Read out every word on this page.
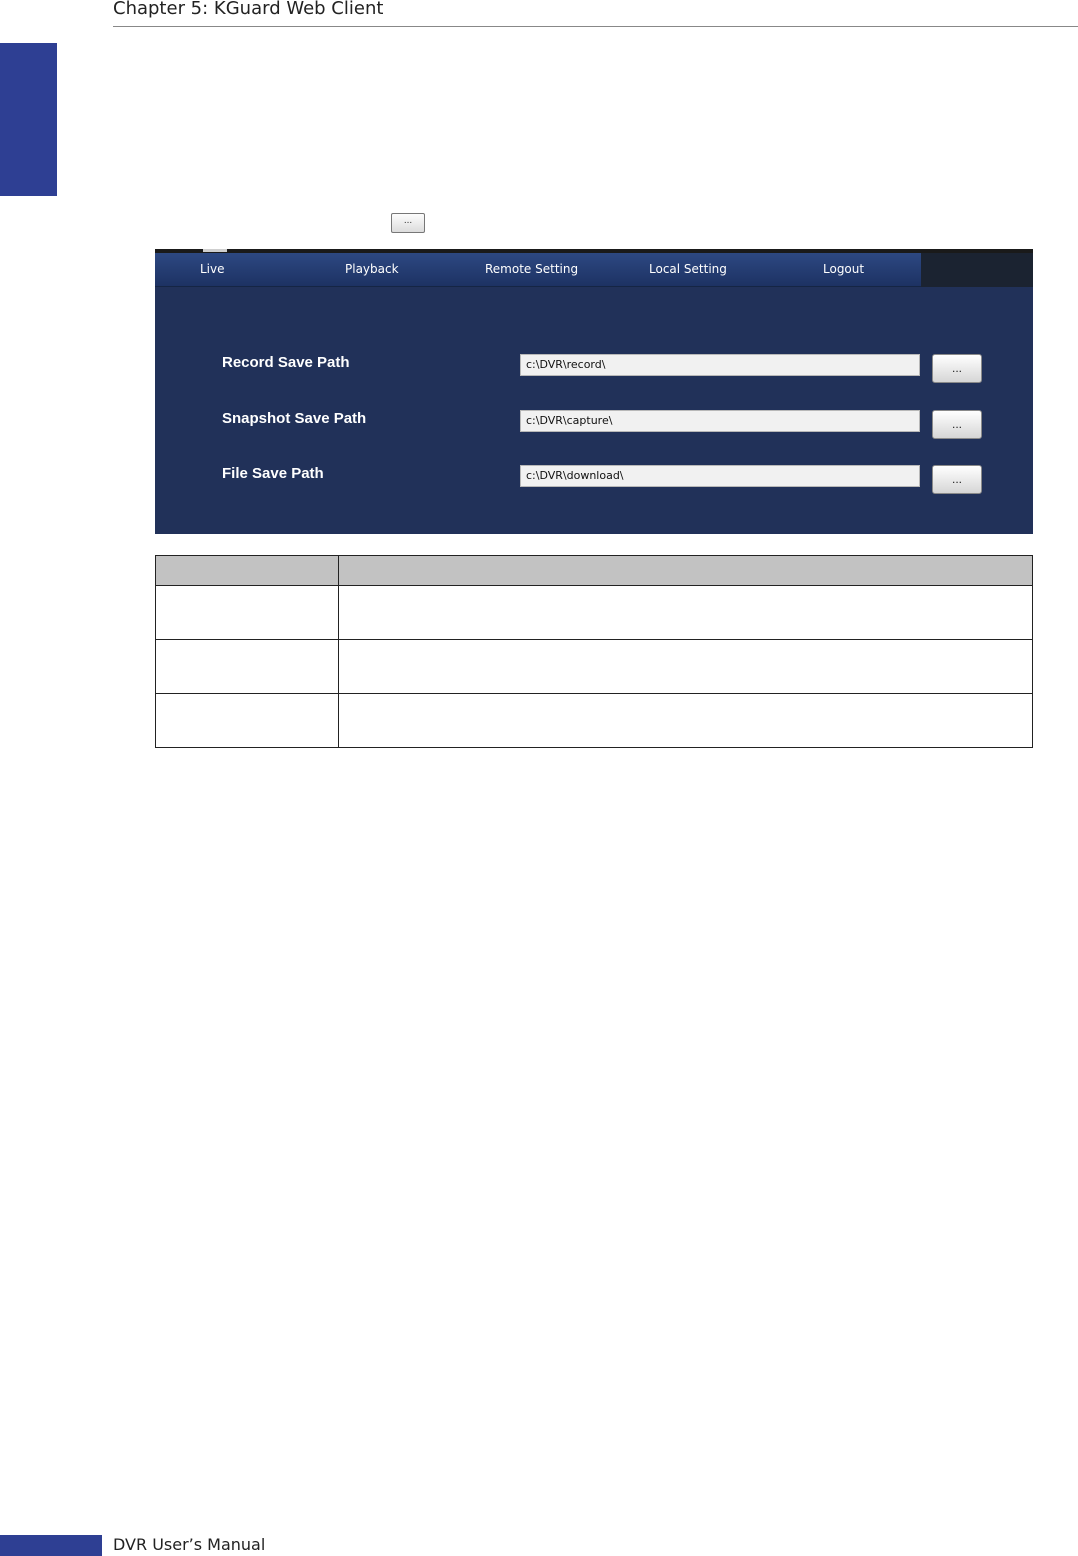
Chapter 5: KGuard Web Client
...
Live	Playback	Remote Setting	Local Setting	Logout
Record Save Path	c:\DVR\record\	...
Snapshot Save Path	c:\DVR\capture\	...
File Save Path	c:\DVR\download\	...

DVR User’s Manual
